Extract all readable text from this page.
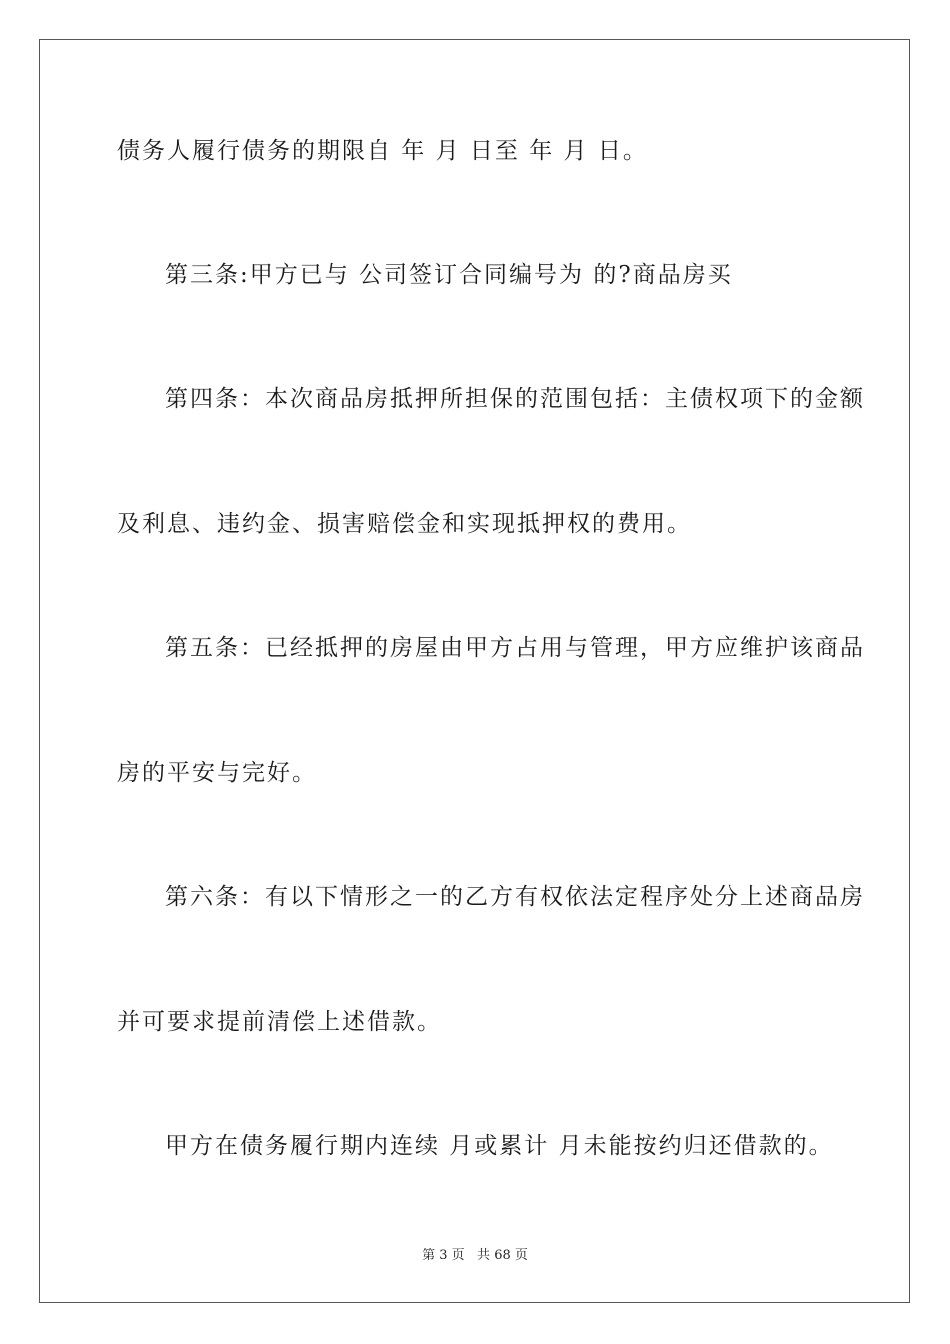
债务人履行债务的期限自 年 月 日至 年 月 日。
第三条:甲方已与 公司签订合同编号为 的?商品房买
第四条：本次商品房抵押所担保的范围包括：主债权项下的金额
及利息、违约金、损害赔偿金和实现抵押权的费用。
第五条：已经抵押的房屋由甲方占用与管理，甲方应维护该商品
房的平安与完好。
第六条：有以下情形之一的乙方有权依法定程序处分上述商品房
并可要求提前清偿上述借款。
甲方在债务履行期内连续 月或累计 月未能按约归还借款的。
第 3 页   共 68 页
